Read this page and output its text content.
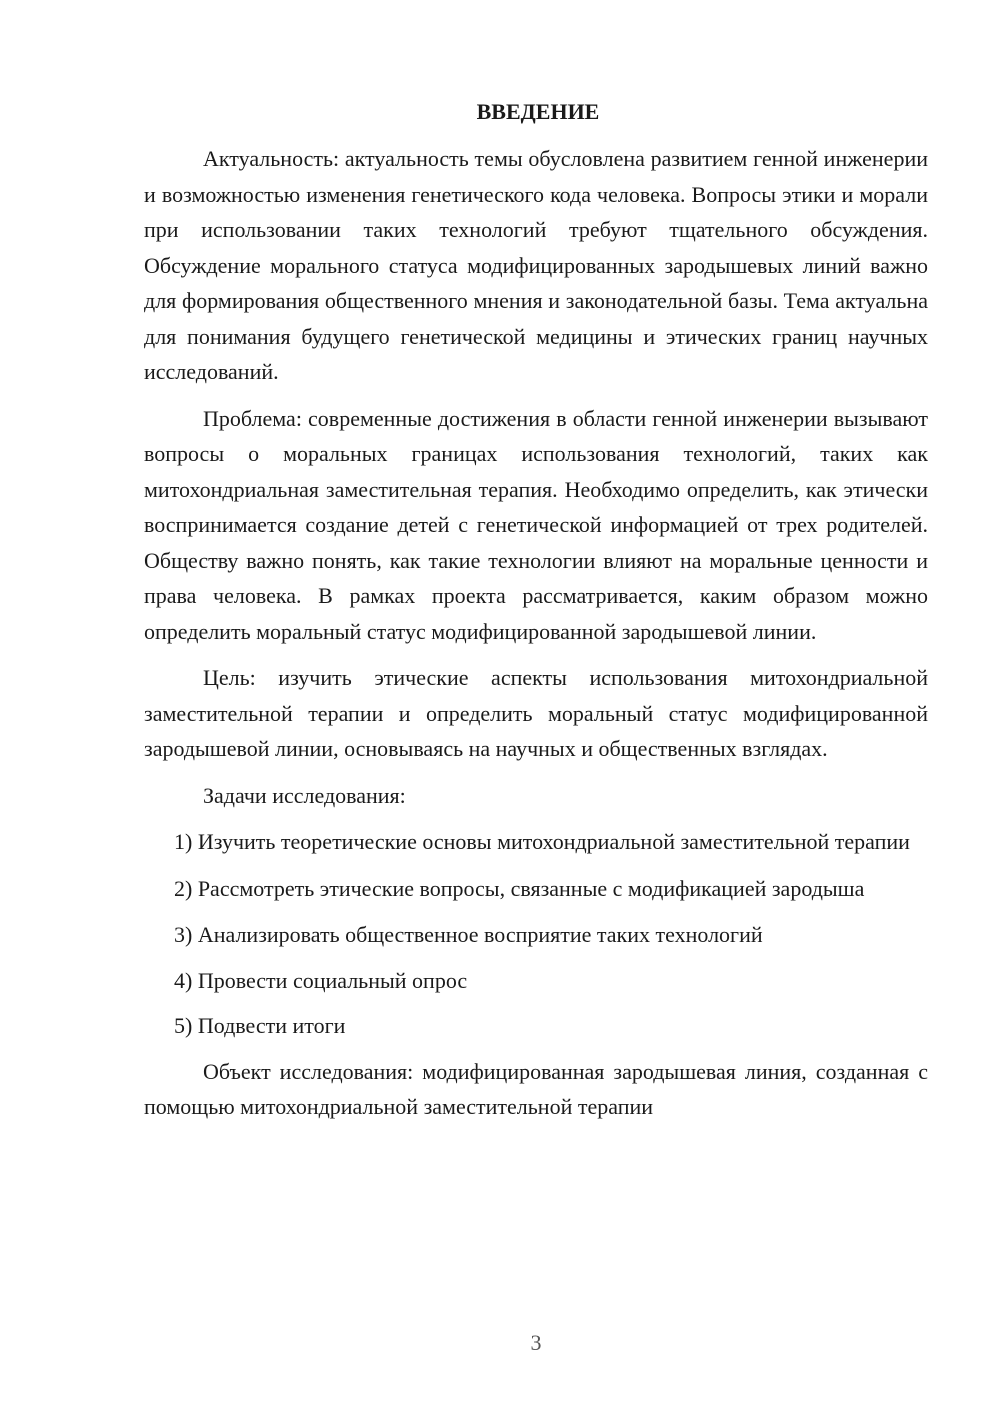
ВВЕДЕНИЕ

Актуальность: актуальность темы обусловлена развитием генной инженерии и возможностью изменения генетического кода человека. Вопросы этики и морали при использовании таких технологий требуют тщательного обсуждения. Обсуждение морального статуса модифицированных зародышевых линий важно для формирования общественного мнения и законодательной базы. Тема актуальна для понимания будущего генетической медицины и этических границ научных исследований.

Проблема: современные достижения в области генной инженерии вызывают вопросы о моральных границах использования технологий, таких как митохондриальная заместительная терапия. Необходимо определить, как этически воспринимается создание детей с генетической информацией от трех родителей. Обществу важно понять, как такие технологии влияют на моральные ценности и права человека. В рамках проекта рассматривается, каким образом можно определить моральный статус модифицированной зародышевой линии.

Цель: изучить этические аспекты использования митохондриальной заместительной терапии и определить моральный статус модифицированной зародышевой линии, основываясь на научных и общественных взглядах.

Задачи исследования:

1) Изучить теоретические основы митохондриальной заместительной терапии

2) Рассмотреть этические вопросы, связанные с модификацией зародыша

3) Анализировать общественное восприятие таких технологий

4) Провести социальный опрос

5) Подвести итоги

Объект исследования: модифицированная зародышевая линия, созданная с помощью митохондриальной заместительной терапии

3
